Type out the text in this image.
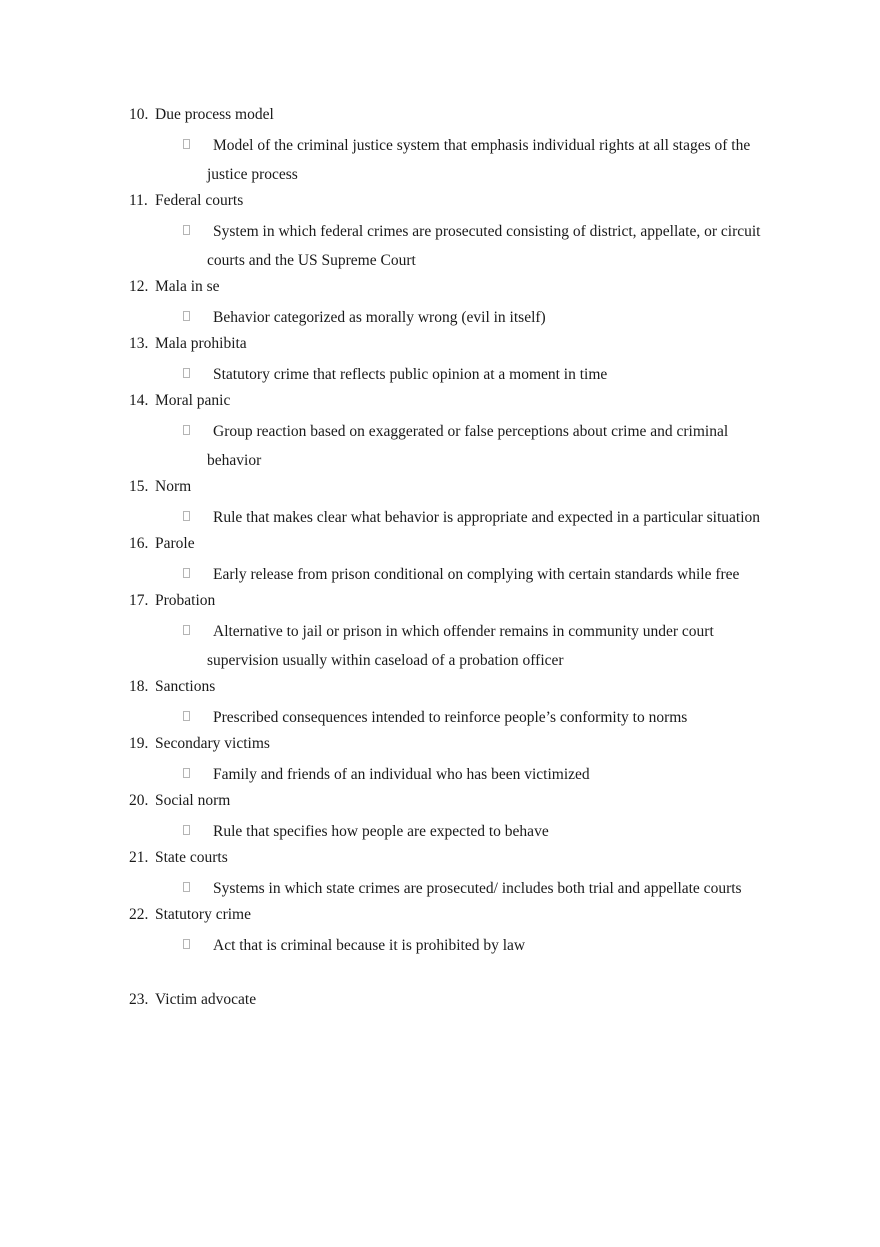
10. Due process model
Model of the criminal justice system that emphasis individual rights at all stages of the justice process
11. Federal courts
System in which federal crimes are prosecuted consisting of district, appellate, or circuit courts and the US Supreme Court
12. Mala in se
Behavior categorized as morally wrong (evil in itself)
13. Mala prohibita
Statutory crime that reflects public opinion at a moment in time
14. Moral panic
Group reaction based on exaggerated or false perceptions about crime and criminal behavior
15. Norm
Rule that makes clear what behavior is appropriate and expected in a particular situation
16. Parole
Early release from prison conditional on complying with certain standards while free
17. Probation
Alternative to jail or prison in which offender remains in community under court supervision usually within caseload of a probation officer
18. Sanctions
Prescribed consequences intended to reinforce people’s conformity to norms
19. Secondary victims
Family and friends of an individual who has been victimized
20. Social norm
Rule that specifies how people are expected to behave
21. State courts
Systems in which state crimes are prosecuted/ includes both trial and appellate courts
22. Statutory crime
Act that is criminal because it is prohibited by law
23. Victim advocate
